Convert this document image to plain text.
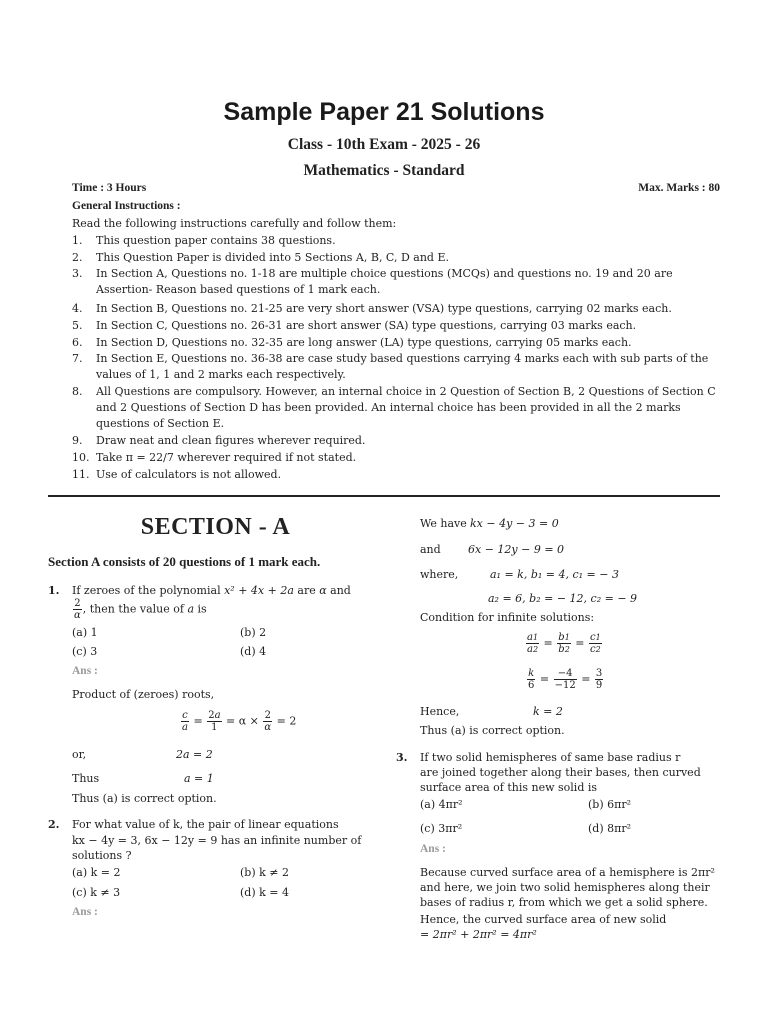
Sample Paper 21 Solutions
Class - 10th Exam - 2025 - 26
Mathematics - Standard
Time : 3 Hours	Max. Marks : 80
General Instructions :
Read the following instructions carefully and follow them:
1. This question paper contains 38 questions.
2. This Question Paper is divided into 5 Sections A, B, C, D and E.
3. In Section A, Questions no. 1-18 are multiple choice questions (MCQs) and questions no. 19 and 20 are Assertion- Reason based questions of 1 mark each.
4. In Section B, Questions no. 21-25 are very short answer (VSA) type questions, carrying 02 marks each.
5. In Section C, Questions no. 26-31 are short answer (SA) type questions, carrying 03 marks each.
6. In Section D, Questions no. 32-35 are long answer (LA) type questions, carrying 05 marks each.
7. In Section E, Questions no. 36-38 are case study based questions carrying 4 marks each with sub parts of the values of 1, 1 and 2 marks each respectively.
8. All Questions are compulsory. However, an internal choice in 2 Question of Section B, 2 Questions of Section C and 2 Questions of Section D has been provided. An internal choice has been provided in all the 2 marks questions of Section E.
9. Draw neat and clean figures wherever required.
10. Take π = 22/7 wherever required if not stated.
11. Use of calculators is not allowed.
SECTION - A
Section A consists of 20 questions of 1 mark each.
1. If zeroes of the polynomial x² + 4x + 2a are α and
$\frac{2}{\alpha}$ , then the value of a is
(a) 1	(b) 2
(c) 3	(d) 4
Ans :
Product of (zeroes) roots,
$\frac{c}{a} = \frac{2a}{1} = \alpha \times \frac{2}{\alpha} = 2$
or,	2a = 2
Thus	a = 1
Thus (a) is correct option.
2. For what value of k, the pair of linear equations
kx − 4y = 3, 6x − 12y = 9 has an infinite number of
solutions ?
(a) k = 2	(b) k ≠ 2
(c) k ≠ 3	(d) k = 4
Ans :
We have kx − 4y − 3 = 0
and 6x − 12y − 9 = 0
where,	a₁ = k, b₁ = 4, c₁ = − 3
a₂ = 6, b₂ = − 12, c₂ = − 9
Condition for infinite solutions:
$\frac{a1}{a2} = \frac{b1}{b2} = \frac{c1}{c2}$
$\frac{k}{6} = \frac{-4}{-12} = \frac{3}{9}$
Hence,	k = 2
Thus (a) is correct option.
3. If two solid hemispheres of same base radius r
are joined together along their bases, then curved
surface area of this new solid is
(a) 4πr²	(b) 6πr²
(c) 3πr²	(d) 8πr²
Ans :
Because curved surface area of a hemisphere is 2πr²
and here, we join two solid hemispheres along their
bases of radius r, from which we get a solid sphere.
Hence, the curved surface area of new solid
= 2πr² + 2πr² = 4πr²
